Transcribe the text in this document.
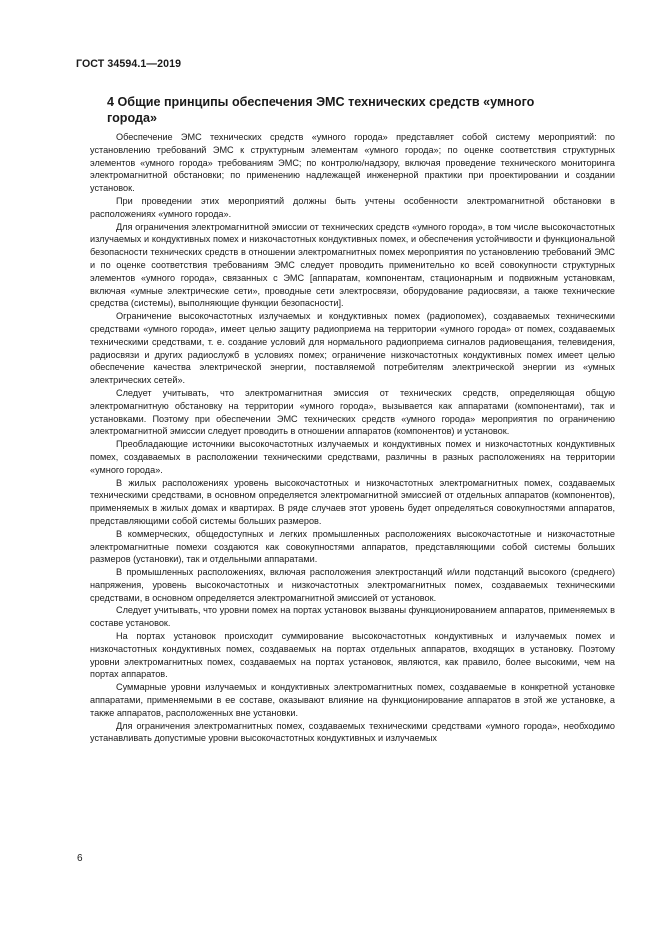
ГОСТ 34594.1—2019
4 Общие принципы обеспечения ЭМС технических средств «умного города»

Обеспечение ЭМС технических средств «умного города» представляет собой систему мероприятий: по установлению требований ЭМС к структурным элементам «умного города»; по оценке соответствия структурных элементов «умного города» требованиям ЭМС; по контролю/надзору, включая проведение технического мониторинга электромагнитной обстановки; по применению надлежащей инженерной практики при проектировании и создании установок.

При проведении этих мероприятий должны быть учтены особенности электромагнитной обстановки в расположениях «умного города».

Для ограничения электромагнитной эмиссии от технических средств «умного города», в том числе высокочастотных излучаемых и кондуктивных помех и низкочастотных кондуктивных помех, и обеспечения устойчивости и функциональной безопасности технических средств в отношении электромагнитных помех мероприятия по установлению требований ЭМС и по оценке соответствия требованиям ЭМС следует проводить применительно ко всей совокупности структурных элементов «умного города», связанных с ЭМС [аппаратам, компонентам, стационарным и подвижным установкам, включая «умные электрические сети», проводные сети электросвязи, оборудование радиосвязи, а также технические средства (системы), выполняющие функции безопасности].

Ограничение высокочастотных излучаемых и кондуктивных помех (радиопомех), создаваемых техническими средствами «умного города», имеет целью защиту радиоприема на территории «умного города» от помех, создаваемых техническими средствами, т. е. создание условий для нормального радиоприема сигналов радиовещания, телевидения, радиосвязи и других радиослужб в условиях помех; ограничение низкочастотных кондуктивных помех имеет целью обеспечение качества электрической энергии, поставляемой потребителям электрической энергии из «умных электрических сетей».

Следует учитывать, что электромагнитная эмиссия от технических средств, определяющая общую электромагнитную обстановку на территории «умного города», вызывается как аппаратами (компонентами), так и установками. Поэтому при обеспечении ЭМС технических средств «умного города» мероприятия по ограничению электромагнитной эмиссии следует проводить в отношении аппаратов (компонентов) и установок.

Преобладающие источники высокочастотных излучаемых и кондуктивных помех и низкочастотных кондуктивных помех, создаваемых в расположении техническими средствами, различны в разных расположениях на территории «умного города».

В жилых расположениях уровень высокочастотных и низкочастотных электромагнитных помех, создаваемых техническими средствами, в основном определяется электромагнитной эмиссией от отдельных аппаратов (компонентов), применяемых в жилых домах и квартирах. В ряде случаев этот уровень будет определяться совокупностями аппаратов, представляющими собой системы больших размеров.

В коммерческих, общедоступных и легких промышленных расположениях высокочастотные и низкочастотные электромагнитные помехи создаются как совокупностями аппаратов, представляющими собой системы больших размеров (установки), так и отдельными аппаратами.

В промышленных расположениях, включая расположения электростанций и/или подстанций высокого (среднего) напряжения, уровень высокочастотных и низкочастотных электромагнитных помех, создаваемых техническими средствами, в основном определяется электромагнитной эмиссией от установок.

Следует учитывать, что уровни помех на портах установок вызваны функционированием аппаратов, применяемых в составе установок.

На портах установок происходит суммирование высокочастотных кондуктивных и излучаемых помех и низкочастотных кондуктивных помех, создаваемых на портах отдельных аппаратов, входящих в установку. Поэтому уровни электромагнитных помех, создаваемых на портах установок, являются, как правило, более высокими, чем на портах аппаратов.

Суммарные уровни излучаемых и кондуктивных электромагнитных помех, создаваемые в конкретной установке аппаратами, применяемыми в ее составе, оказывают влияние на функционирование аппаратов в этой же установке, а также аппаратов, расположенных вне установки.

Для ограничения электромагнитных помех, создаваемых техническими средствами «умного города», необходимо устанавливать допустимые уровни высокочастотных кондуктивных и излучаемых

6
